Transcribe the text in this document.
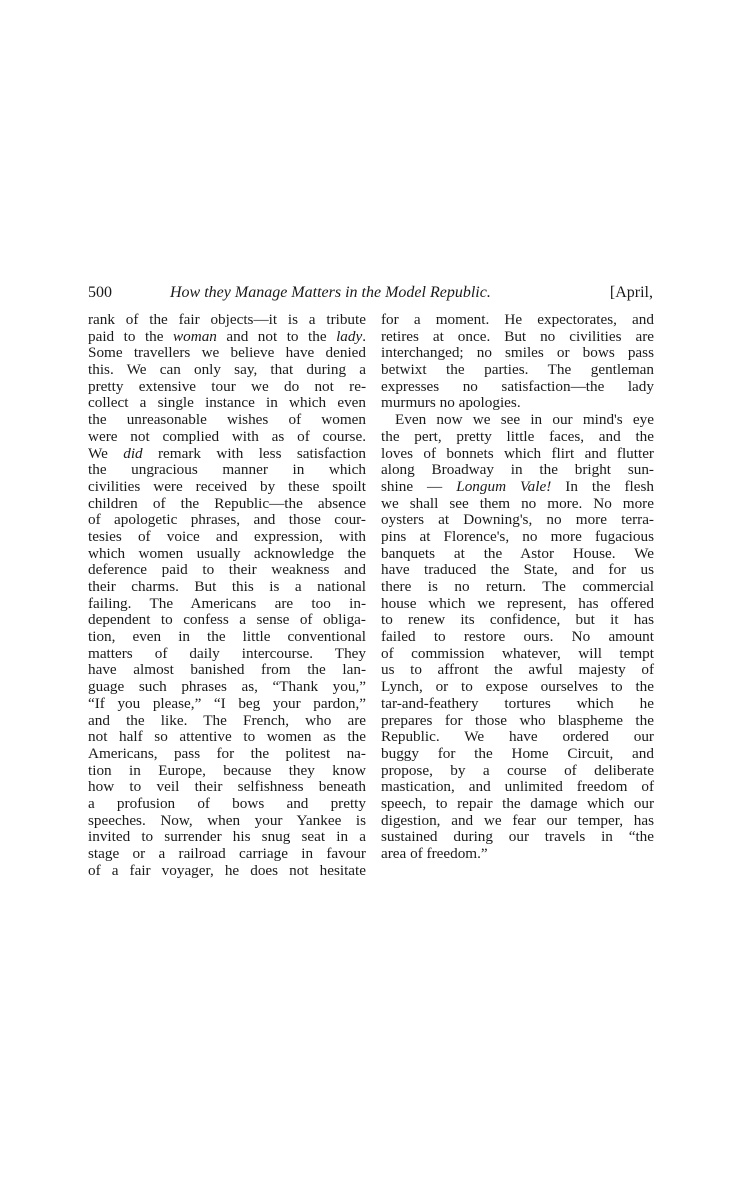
500	How they Manage Matters in the Model Republic.	[April,
rank of the fair objects—it is a tribute
paid to the woman and not to the lady.
Some travellers we believe have denied
this. We can only say, that during a
pretty extensive tour we do not re-
collect a single instance in which even
the unreasonable wishes of women
were not complied with as of course.
We did remark with less satisfaction
the ungracious manner in which
civilities were received by these spoilt
children of the Republic—the absence
of apologetic phrases, and those cour-
tesies of voice and expression, with
which women usually acknowledge the
deference paid to their weakness and
their charms. But this is a national
failing. The Americans are too in-
dependent to confess a sense of obliga-
tion, even in the little conventional
matters of daily intercourse. They
have almost banished from the lan-
guage such phrases as, “Thank you,”
“If you please,” “I beg your pardon,”
and the like. The French, who are
not half so attentive to women as the
Americans, pass for the politest na-
tion in Europe, because they know
how to veil their selfishness beneath
a profusion of bows and pretty
speeches. Now, when your Yankee is
invited to surrender his snug seat in a
stage or a railroad carriage in favour
of a fair voyager, he does not hesitate
for a moment. He expectorates, and
retires at once. But no civilities are
interchanged; no smiles or bows pass
betwixt the parties. The gentleman
expresses no satisfaction—the lady
murmurs no apologies.
Even now we see in our mind's eye
the pert, pretty little faces, and the
loves of bonnets which flirt and flutter
along Broadway in the bright sun-
shine — Longum Vale! In the flesh
we shall see them no more. No more
oysters at Downing's, no more terra-
pins at Florence's, no more fugacious
banquets at the Astor House. We
have traduced the State, and for us
there is no return. The commercial
house which we represent, has offered
to renew its confidence, but it has
failed to restore ours. No amount
of commission whatever, will tempt
us to affront the awful majesty of
Lynch, or to expose ourselves to the
tar-and-feathery tortures which he
prepares for those who blaspheme the
Republic. We have ordered our
buggy for the Home Circuit, and
propose, by a course of deliberate
mastication, and unlimited freedom of
speech, to repair the damage which our
digestion, and we fear our temper, has
sustained during our travels in “the
area of freedom.”
